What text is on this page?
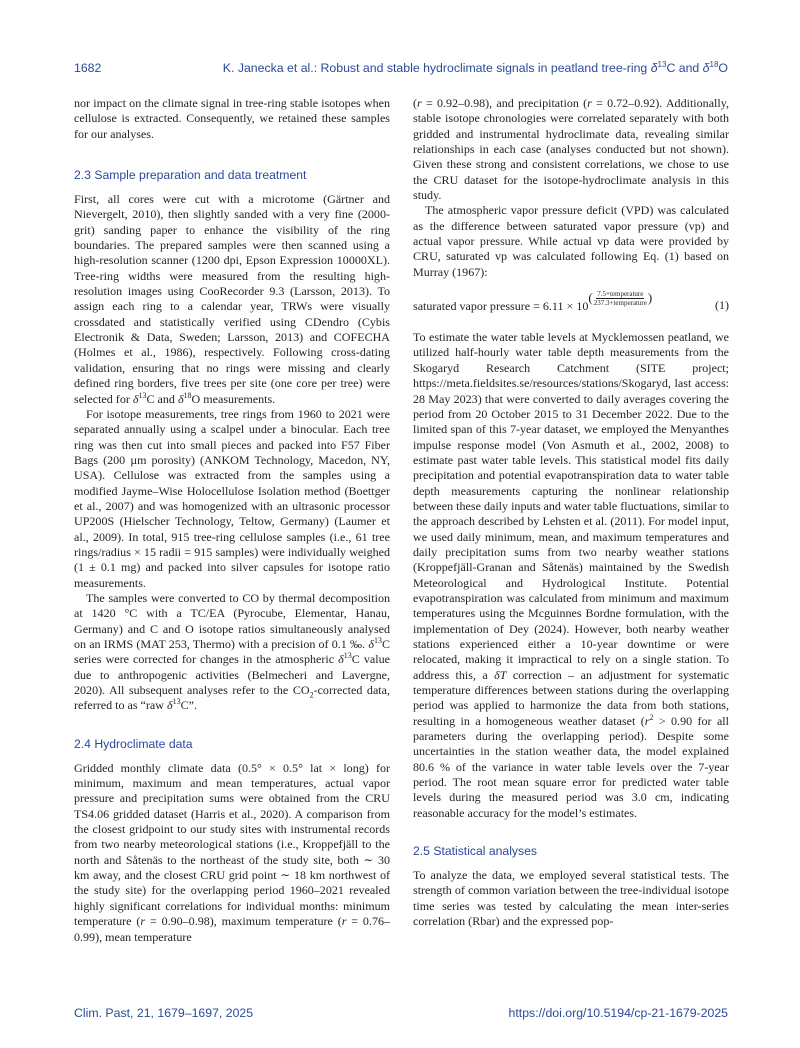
1682	K. Janecka et al.: Robust and stable hydroclimate signals in peatland tree-ring $\delta^{13}C$ and $\delta^{18}O$

nor impact on the climate signal in tree-ring stable isotopes when cellulose is extracted. Consequently, we retained these samples for our analyses.

2.3 Sample preparation and data treatment

First, all cores were cut with a microtome (Gärtner and Nievergelt, 2010), then slightly sanded with a very fine (2000-grit) sanding paper to enhance the visibility of the ring boundaries. The prepared samples were then scanned using a high-resolution scanner (1200 dpi, Epson Expression 10000XL). Tree-ring widths were measured from the resulting high-resolution images using CooRecorder 9.3 (Larsson, 2013). To assign each ring to a calendar year, TRWs were visually crossdated and statistically verified using CDendro (Cybis Electronik & Data, Sweden; Larsson, 2013) and COFECHA (Holmes et al., 1986), respectively. Following cross-dating validation, ensuring that no rings were missing and clearly defined ring borders, five trees per site (one core per tree) were selected for $\delta^{13}C$ and $\delta^{18}O$ measurements.

For isotope measurements, tree rings from 1960 to 2021 were separated annually using a scalpel under a binocular. Each tree ring was then cut into small pieces and packed into F57 Fiber Bags (200 µm porosity) (ANKOM Technology, Macedon, NY, USA). Cellulose was extracted from the samples using a modified Jayme–Wise Holocellulose Isolation method (Boettger et al., 2007) and was homogenized with an ultrasonic processor UP200S (Hielscher Technology, Teltow, Germany) (Laumer et al., 2009). In total, 915 tree-ring cellulose samples (i.e., 61 tree rings/radius × 15 radii = 915 samples) were individually weighed (1 ± 0.1 mg) and packed into silver capsules for isotope ratio measurements.

The samples were converted to CO by thermal decomposition at 1420 °C with a TC/EA (Pyrocube, Elementar, Hanau, Germany) and C and O isotope ratios simultaneously analysed on an IRMS (MAT 253, Thermo) with a precision of 0.1 ‰. $\delta^{13}C$ series were corrected for changes in the atmospheric $\delta^{13}C$ value due to anthropogenic activities (Belmecheri and Lavergne, 2020). All subsequent analyses refer to the $CO_2$-corrected data, referred to as “raw $\delta^{13}C$”.

2.4 Hydroclimate data

Gridded monthly climate data (0.5° × 0.5° lat × long) for minimum, maximum and mean temperatures, actual vapor pressure and precipitation sums were obtained from the CRU TS4.06 gridded dataset (Harris et al., 2020). A comparison from the closest gridpoint to our study sites with instrumental records from two nearby meteorological stations (i.e., Kroppefjäll to the north and Såtenäs to the northeast of the study site, both ∼ 30 km away, and the closest CRU grid point ∼ 18 km northwest of the study site) for the overlapping period 1960–2021 revealed highly significant correlations for individual months: minimum temperature (r = 0.90–0.98), maximum temperature (r = 0.76–0.99), mean temperature

(r = 0.92–0.98), and precipitation (r = 0.72–0.92). Additionally, stable isotope chronologies were correlated separately with both gridded and instrumental hydroclimate data, revealing similar relationships in each case (analyses conducted but not shown). Given these strong and consistent correlations, we chose to use the CRU dataset for the isotope-hydroclimate analysis in this study.

The atmospheric vapor pressure deficit (VPD) was calculated as the difference between saturated vapor pressure (vp) and actual vapor pressure. While actual vp data were provided by CRU, saturated vp was calculated following Eq. (1) based on Murray (1967):

saturated vapor pressure = 6.11 × 10
( $\frac{\text{7.5×temperature}}{\text{237.3+temperature}}$ )	(1)

To estimate the water table levels at Mycklemossen peatland, we utilized half-hourly water table depth measurements from the Skogaryd Research Catchment (SITE project; https://meta.fieldsites.se/resources/stations/Skogaryd, last access: 28 May 2023) that were converted to daily averages covering the period from 20 October 2015 to 31 December 2022. Due to the limited span of this 7-year dataset, we employed the Menyanthes impulse response model (Von Asmuth et al., 2002, 2008) to estimate past water table levels. This statistical model fits daily precipitation and potential evapotranspiration data to water table depth measurements capturing the nonlinear relationship between these daily inputs and water table fluctuations, similar to the approach described by Lehsten et al. (2011). For model input, we used daily minimum, mean, and maximum temperatures and daily precipitation sums from two nearby weather stations (Kroppefjäll-Granan and Såtenäs) maintained by the Swedish Meteorological and Hydrological Institute. Potential evapotranspiration was calculated from minimum and maximum temperatures using the Mcguinnes Bordne formulation, with the implementation of Dey (2024). However, both nearby weather stations experienced either a 10-year downtime or were relocated, making it impractical to rely on a single station. To address this, a δT correction – an adjustment for systematic temperature differences between stations during the overlapping period was applied to harmonize the data from both stations, resulting in a homogeneous weather dataset ($r^2 > 0.90$ for all parameters during the overlapping period). Despite some uncertainties in the station weather data, the model explained 80.6 % of the variance in water table levels over the 7-year period. The root mean square error for predicted water table levels during the measured period was 3.0 cm, indicating reasonable accuracy for the model’s estimates.

2.5 Statistical analyses

To analyze the data, we employed several statistical tests. The strength of common variation between the tree-individual isotope time series was tested by calculating the mean inter-series correlation (Rbar) and the expressed pop-

Clim. Past, 21, 1679–1697, 2025	https://doi.org/10.5194/cp-21-1679-2025
